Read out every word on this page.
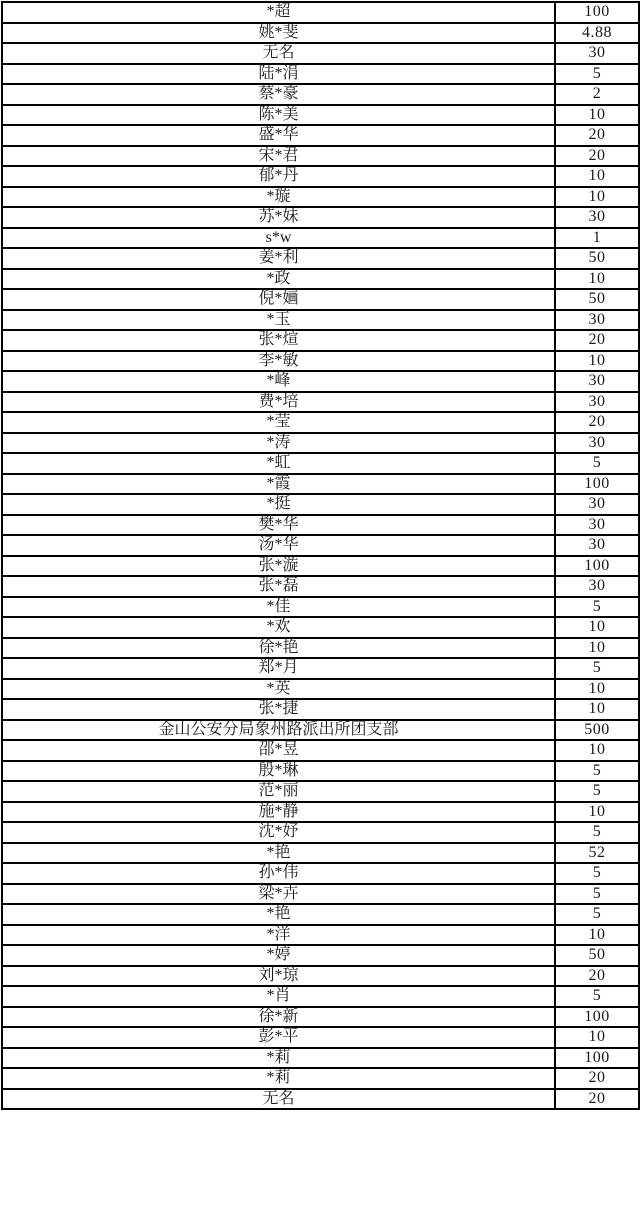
*超	100
姚*斐	4.88
无名	30
陆*涓	5
蔡*豪	2
陈*美	10
盛*华	20
宋*君	20
郁*丹	10
*璇	10
苏*妹	30
s*w	1
姜*利	50
*政	10
倪*婳	50
*玉	30
张*煊	20
李*敏	10
*峰	30
费*培	30
*莹	20
*涛	30
*虹	5
*霞	100
*挺	30
樊*华	30
汤*华	30
张*漩	100
张*磊	30
*佳	5
*欢	10
徐*艳	10
郑*月	5
*英	10
张*捷	10
金山公安分局象州路派出所团支部	500
邵*昱	10
殷*琳	5
范*丽	5
施*静	10
沈*妤	5
*艳	52
孙*伟	5
梁*卉	5
*艳	5
*洋	10
*婷	50
刘*琼	20
*肖	5
徐*新	100
彭*平	10
*莉	100
*莉	20
无名	20
